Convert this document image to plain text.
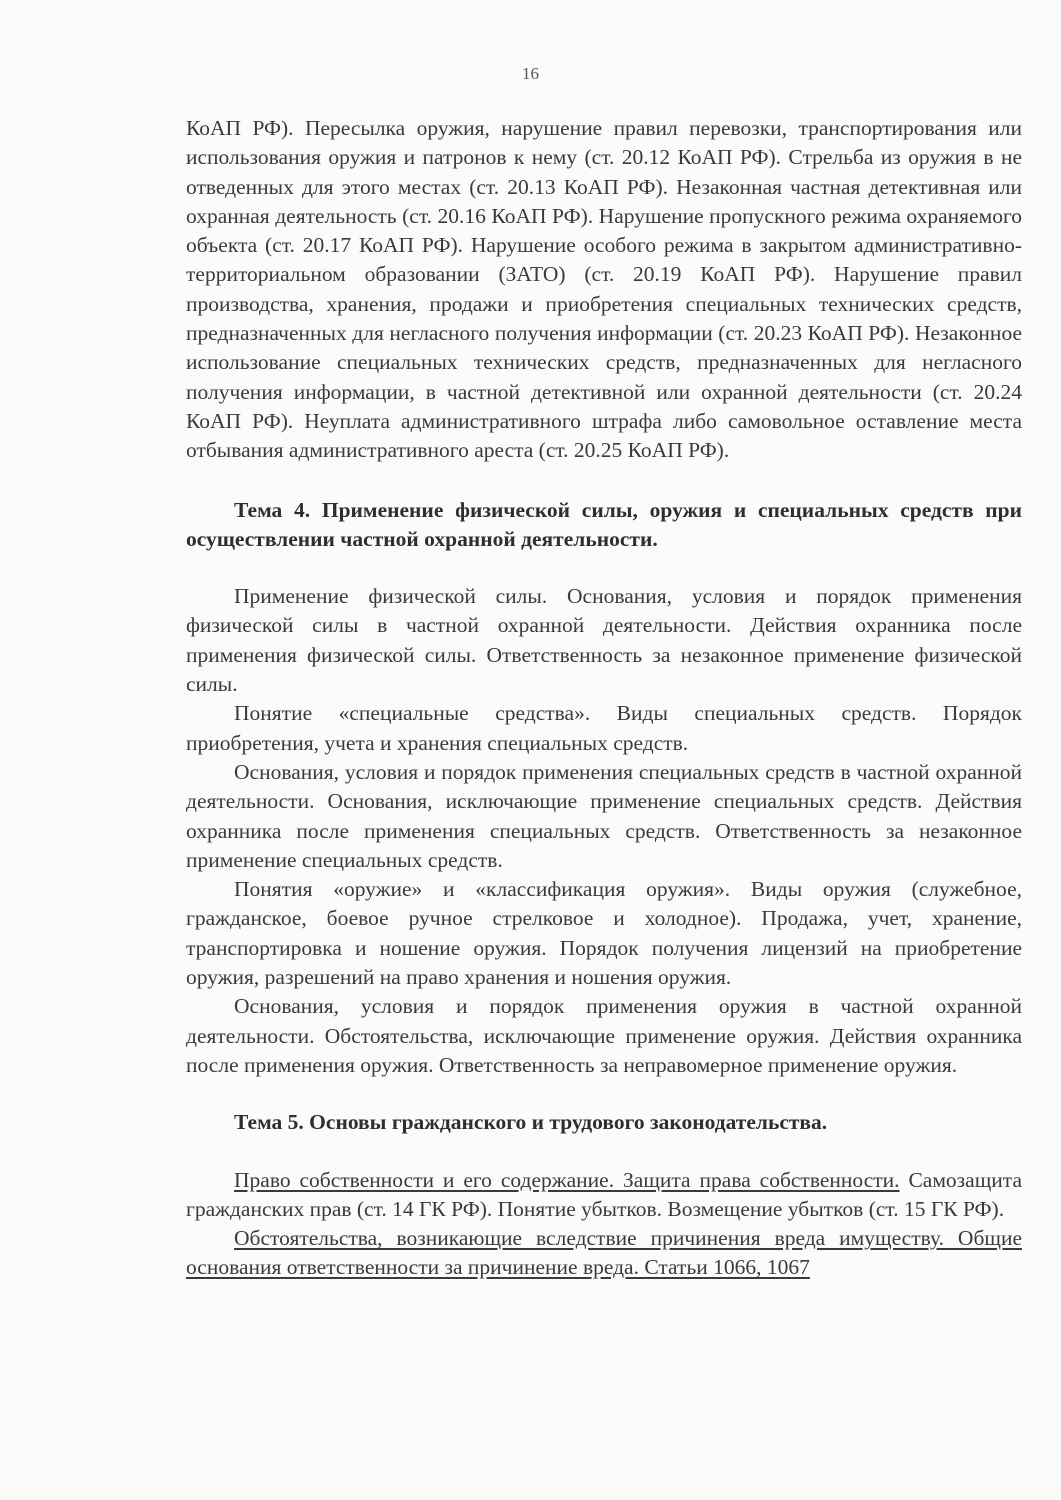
16

КоАП РФ). Пересылка оружия, нарушение правил перевозки, транспортирования или использования оружия и патронов к нему (ст. 20.12 КоАП РФ). Стрельба из оружия в не отведенных для этого местах (ст. 20.13 КоАП РФ). Незаконная частная детективная или охранная деятельность (ст. 20.16 КоАП РФ). Нарушение пропускного режима охраняемого объекта (ст. 20.17 КоАП РФ). Нарушение особого режима в закрытом административно-территориальном образовании (ЗАТО) (ст. 20.19 КоАП РФ). Нарушение правил производства, хранения, продажи и приобретения специальных технических средств, предназначенных для негласного получения информации (ст. 20.23 КоАП РФ). Незаконное использование специальных технических средств, предназначенных для негласного получения информации, в частной детективной или охранной деятельности (ст. 20.24 КоАП РФ). Неуплата административного штрафа либо самовольное оставление места отбывания административного ареста (ст. 20.25 КоАП РФ).

Тема 4. Применение физической силы, оружия и специальных средств при осуществлении частной охранной деятельности.

Применение физической силы. Основания, условия и порядок применения физической силы в частной охранной деятельности. Действия охранника после применения физической силы. Ответственность за незаконное применение физической силы.

Понятие «специальные средства». Виды специальных средств. Порядок приобретения, учета и хранения специальных средств.

Основания, условия и порядок применения специальных средств в частной охранной деятельности. Основания, исключающие применение специальных средств. Действия охранника после применения специальных средств. Ответственность за незаконное применение специальных средств.

Понятия «оружие» и «классификация оружия». Виды оружия (служебное, гражданское, боевое ручное стрелковое и холодное). Продажа, учет, хранение, транспортировка и ношение оружия. Порядок получения лицензий на приобретение оружия, разрешений на право хранения и ношения оружия.

Основания, условия и порядок применения оружия в частной охранной деятельности. Обстоятельства, исключающие применение оружия. Действия охранника после применения оружия. Ответственность за неправомерное применение оружия.

Тема 5. Основы гражданского и трудового законодательства.

Право собственности и его содержание. Защита права собственности. Самозащита гражданских прав (ст. 14 ГК РФ). Понятие убытков. Возмещение убытков (ст. 15 ГК РФ).

Обстоятельства, возникающие вследствие причинения вреда имуществу. Общие основания ответственности за причинение вреда. Статьи 1066, 1067
